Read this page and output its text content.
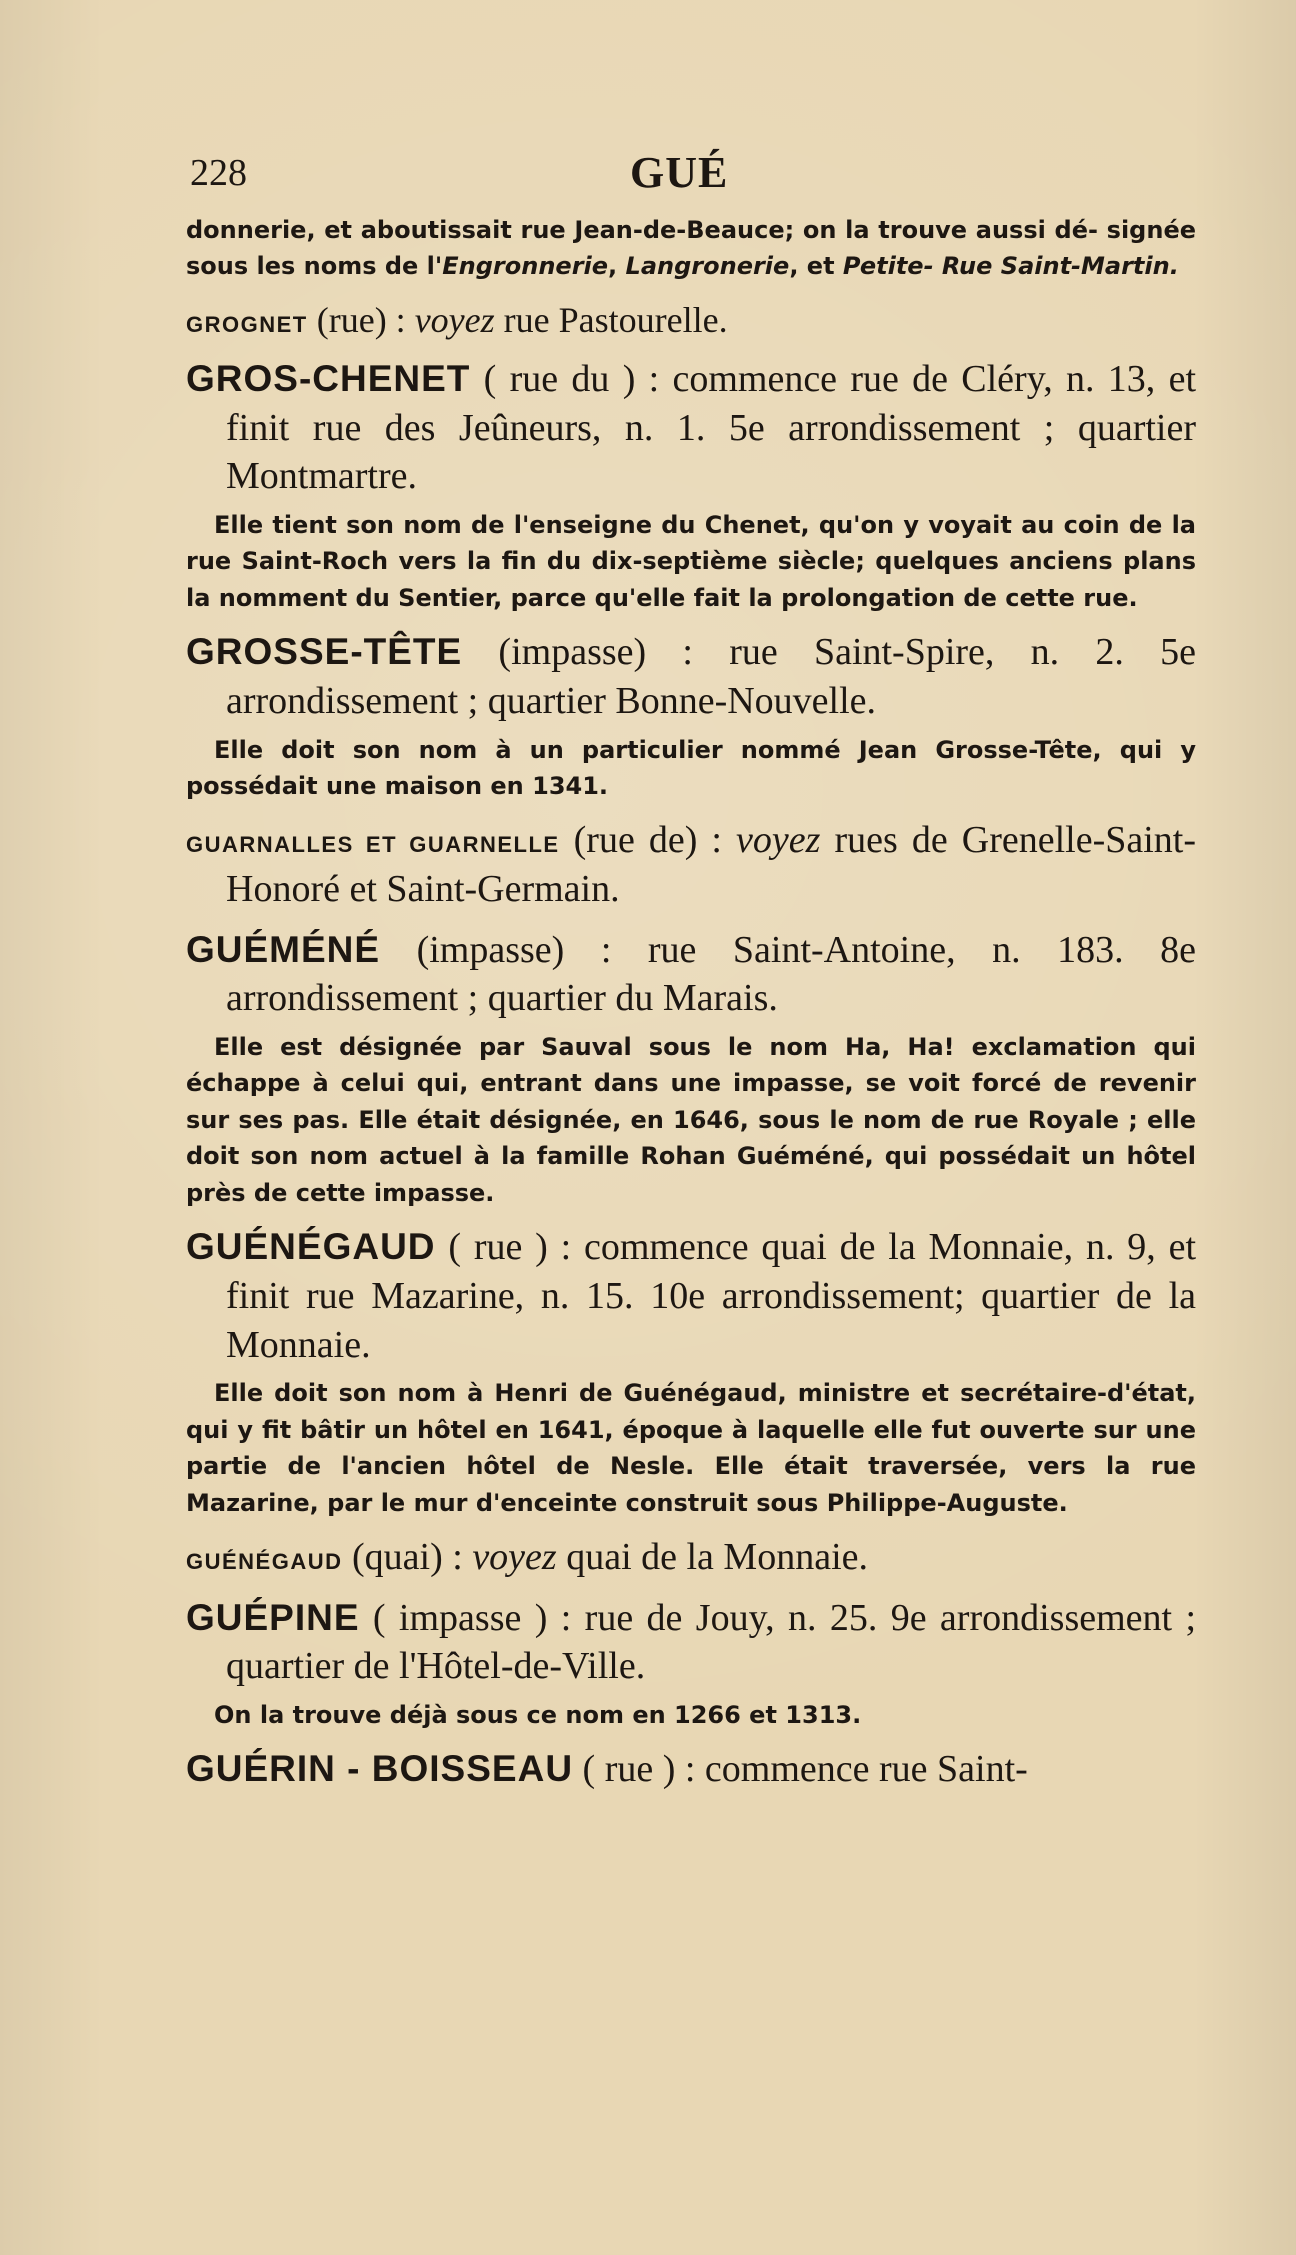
228	GUÉ

donnerie, et aboutissait rue Jean-de-Beauce; on la trouve aussi dé- signée sous les noms de l'Engronnerie, Langronerie, et Petite- Rue Saint-Martin.

GROGNET (rue) : voyez rue Pastourelle.

GROS-CHENET ( rue du ) : commence rue de Cléry, n. 13, et finit rue des Jeûneurs, n. 1. 5e arrondissement ; quartier Montmartre.

Elle tient son nom de l'enseigne du Chenet, qu'on y voyait au coin de la rue Saint-Roch vers la fin du dix-septième siècle; quelques anciens plans la nomment du Sentier, parce qu'elle fait la prolongation de cette rue.

GROSSE-TÊTE (impasse) : rue Saint-Spire, n. 2. 5e arrondissement ; quartier Bonne-Nouvelle.

Elle doit son nom à un particulier nommé Jean Grosse-Tête, qui y possédait une maison en 1341.

GUARNALLES ET GUARNELLE (rue de) : voyez rues de Grenelle-Saint-Honoré et Saint-Germain.

GUÉMÉNÉ (impasse) : rue Saint-Antoine, n. 183. 8e arrondissement ; quartier du Marais.

Elle est désignée par Sauval sous le nom Ha, Ha! exclamation qui échappe à celui qui, entrant dans une impasse, se voit forcé de revenir sur ses pas. Elle était désignée, en 1646, sous le nom de rue Royale ; elle doit son nom actuel à la famille Rohan Guéméné, qui possédait un hôtel près de cette impasse.

GUÉNÉGAUD ( rue ) : commence quai de la Monnaie, n. 9, et finit rue Mazarine, n. 15. 10e arrondissement; quartier de la Monnaie.

Elle doit son nom à Henri de Guénégaud, ministre et secrétaire-d'état, qui y fit bâtir un hôtel en 1641, époque à laquelle elle fut ouverte sur une partie de l'ancien hôtel de Nesle. Elle était traversée, vers la rue Mazarine, par le mur d'enceinte construit sous Philippe-Auguste.

GUÉNÉGAUD (quai) : voyez quai de la Monnaie.

GUÉPINE ( impasse ) : rue de Jouy, n. 25. 9e arrondissement ; quartier de l'Hôtel-de-Ville.

On la trouve déjà sous ce nom en 1266 et 1313.

GUÉRIN - BOISSEAU ( rue ) : commence rue Saint-
